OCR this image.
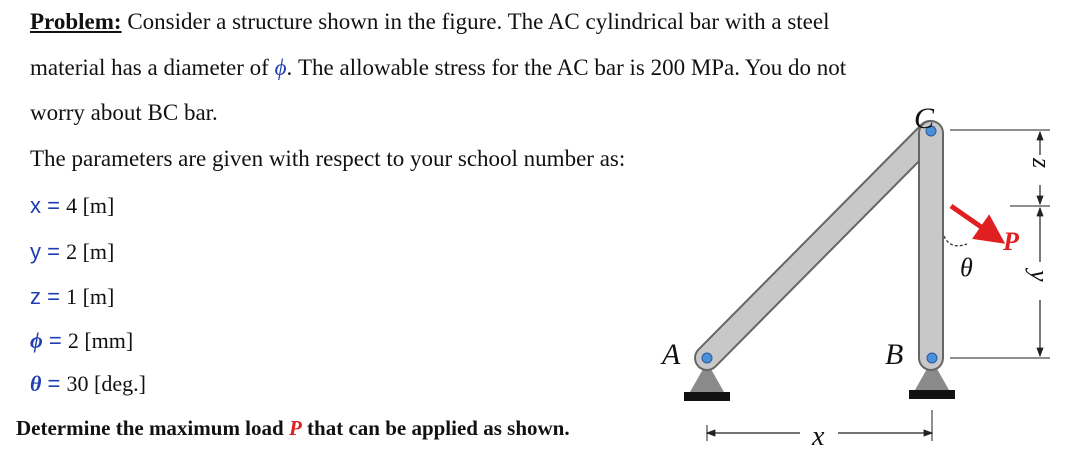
Problem: Consider a structure shown in the figure. The AC cylindrical bar with a steel
material has a diameter of ϕ. The allowable stress for the AC bar is 200 MPa. You do not
worry about BC bar.
The parameters are given with respect to your school number as:
x = 4 [m]
y = 2 [m]
z = 1 [m]
ϕ = 2 [mm]
θ = 30 [deg.]
Determine the maximum load P that can be applied as shown.
A	B
C
P
θ
x
z
y
